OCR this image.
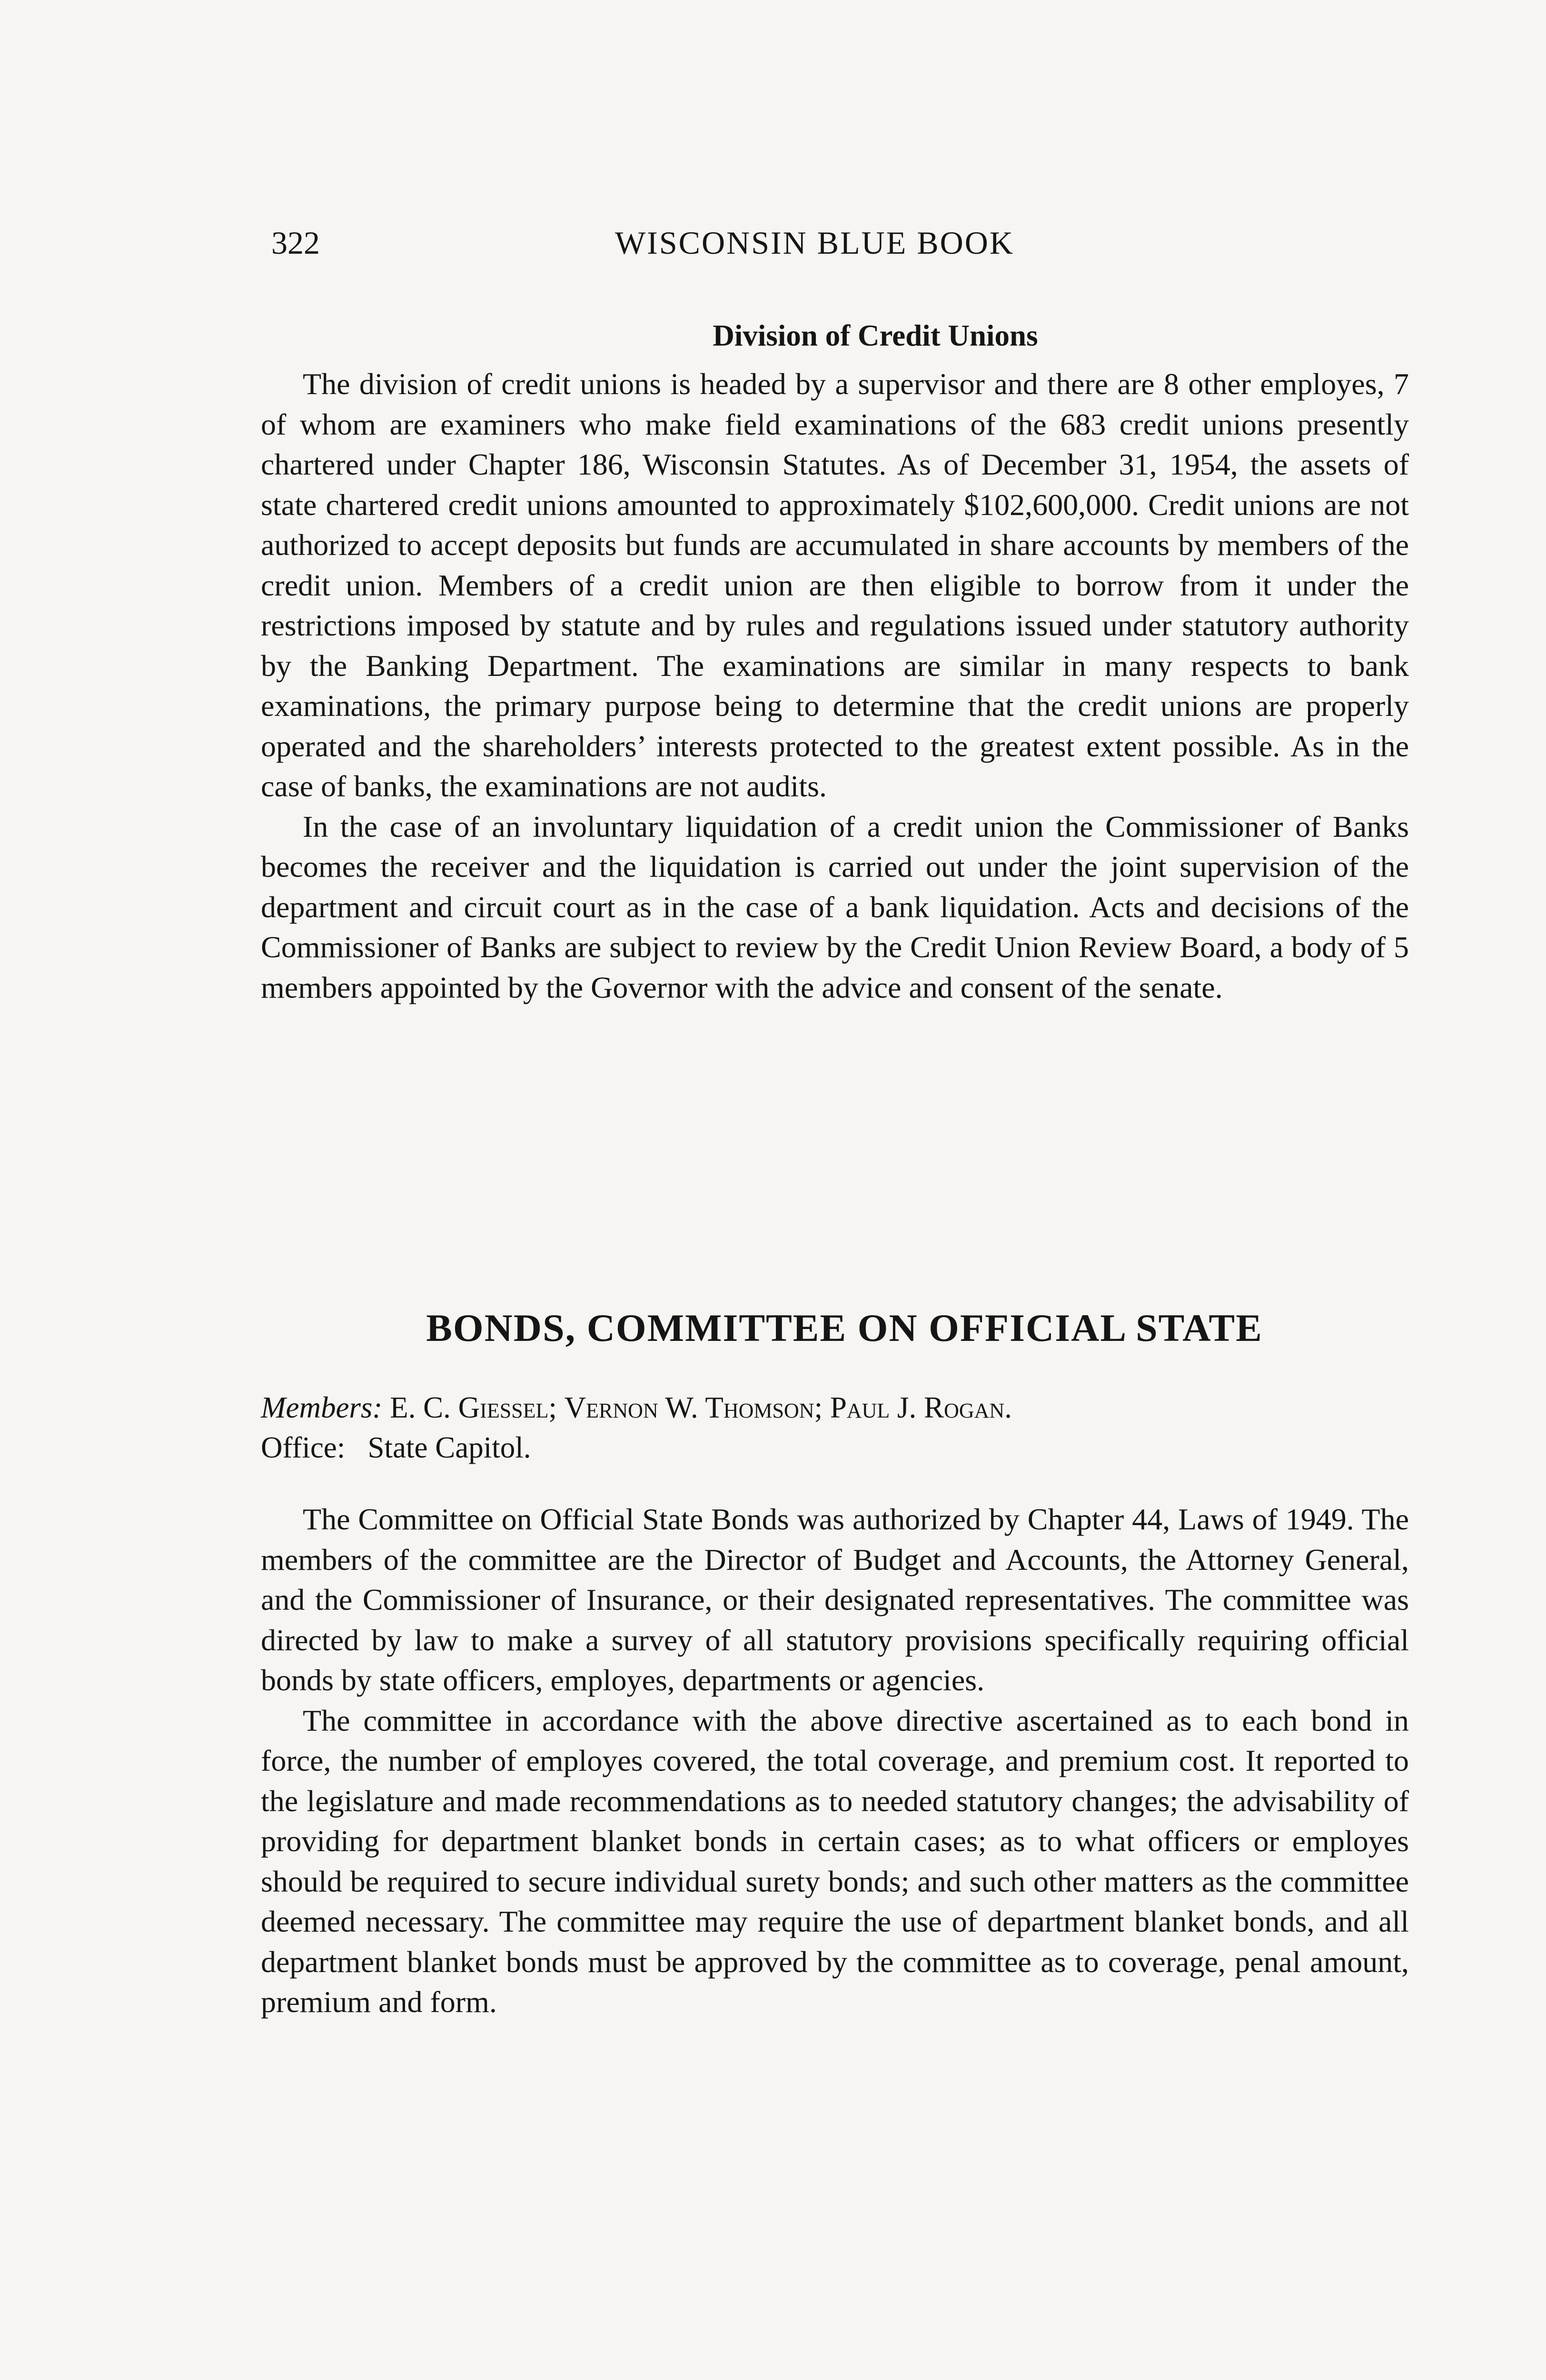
322	WISCONSIN BLUE BOOK
Division of Credit Unions

The division of credit unions is headed by a supervisor and there are 8 other employes, 7 of whom are examiners who make field examinations of the 683 credit unions presently chartered under Chapter 186, Wisconsin Statutes. As of December 31, 1954, the assets of state chartered credit unions amounted to approximately $102,600,000. Credit unions are not authorized to accept deposits but funds are accumulated in share accounts by members of the credit union. Members of a credit union are then eligible to borrow from it under the restrictions imposed by statute and by rules and regulations issued under statutory authority by the Banking Department. The examinations are similar in many respects to bank examinations, the primary purpose being to determine that the credit unions are properly operated and the shareholders’ interests protected to the greatest extent possible. As in the case of banks, the examinations are not audits.

In the case of an involuntary liquidation of a credit union the Commissioner of Banks becomes the receiver and the liquidation is carried out under the joint supervision of the department and circuit court as in the case of a bank liquidation. Acts and decisions of the Commissioner of Banks are subject to review by the Credit Union Review Board, a body of 5 members appointed by the Governor with the advice and consent of the senate.

BONDS, COMMITTEE ON OFFICIAL STATE
Members: E. C. Giessel; Vernon W. Thomson; Paul J. Rogan.
Office: State Capitol.

The Committee on Official State Bonds was authorized by Chapter 44, Laws of 1949. The members of the committee are the Director of Budget and Accounts, the Attorney General, and the Commissioner of Insurance, or their designated representatives. The committee was directed by law to make a survey of all statutory provisions specifically requiring official bonds by state officers, employes, departments or agencies.

The committee in accordance with the above directive ascertained as to each bond in force, the number of employes covered, the total coverage, and premium cost. It reported to the legislature and made recommendations as to needed statutory changes; the advisability of providing for department blanket bonds in certain cases; as to what officers or employes should be required to secure individual surety bonds; and such other matters as the committee deemed necessary. The committee may require the use of department blanket bonds, and all department blanket bonds must be approved by the committee as to coverage, penal amount, premium and form.
